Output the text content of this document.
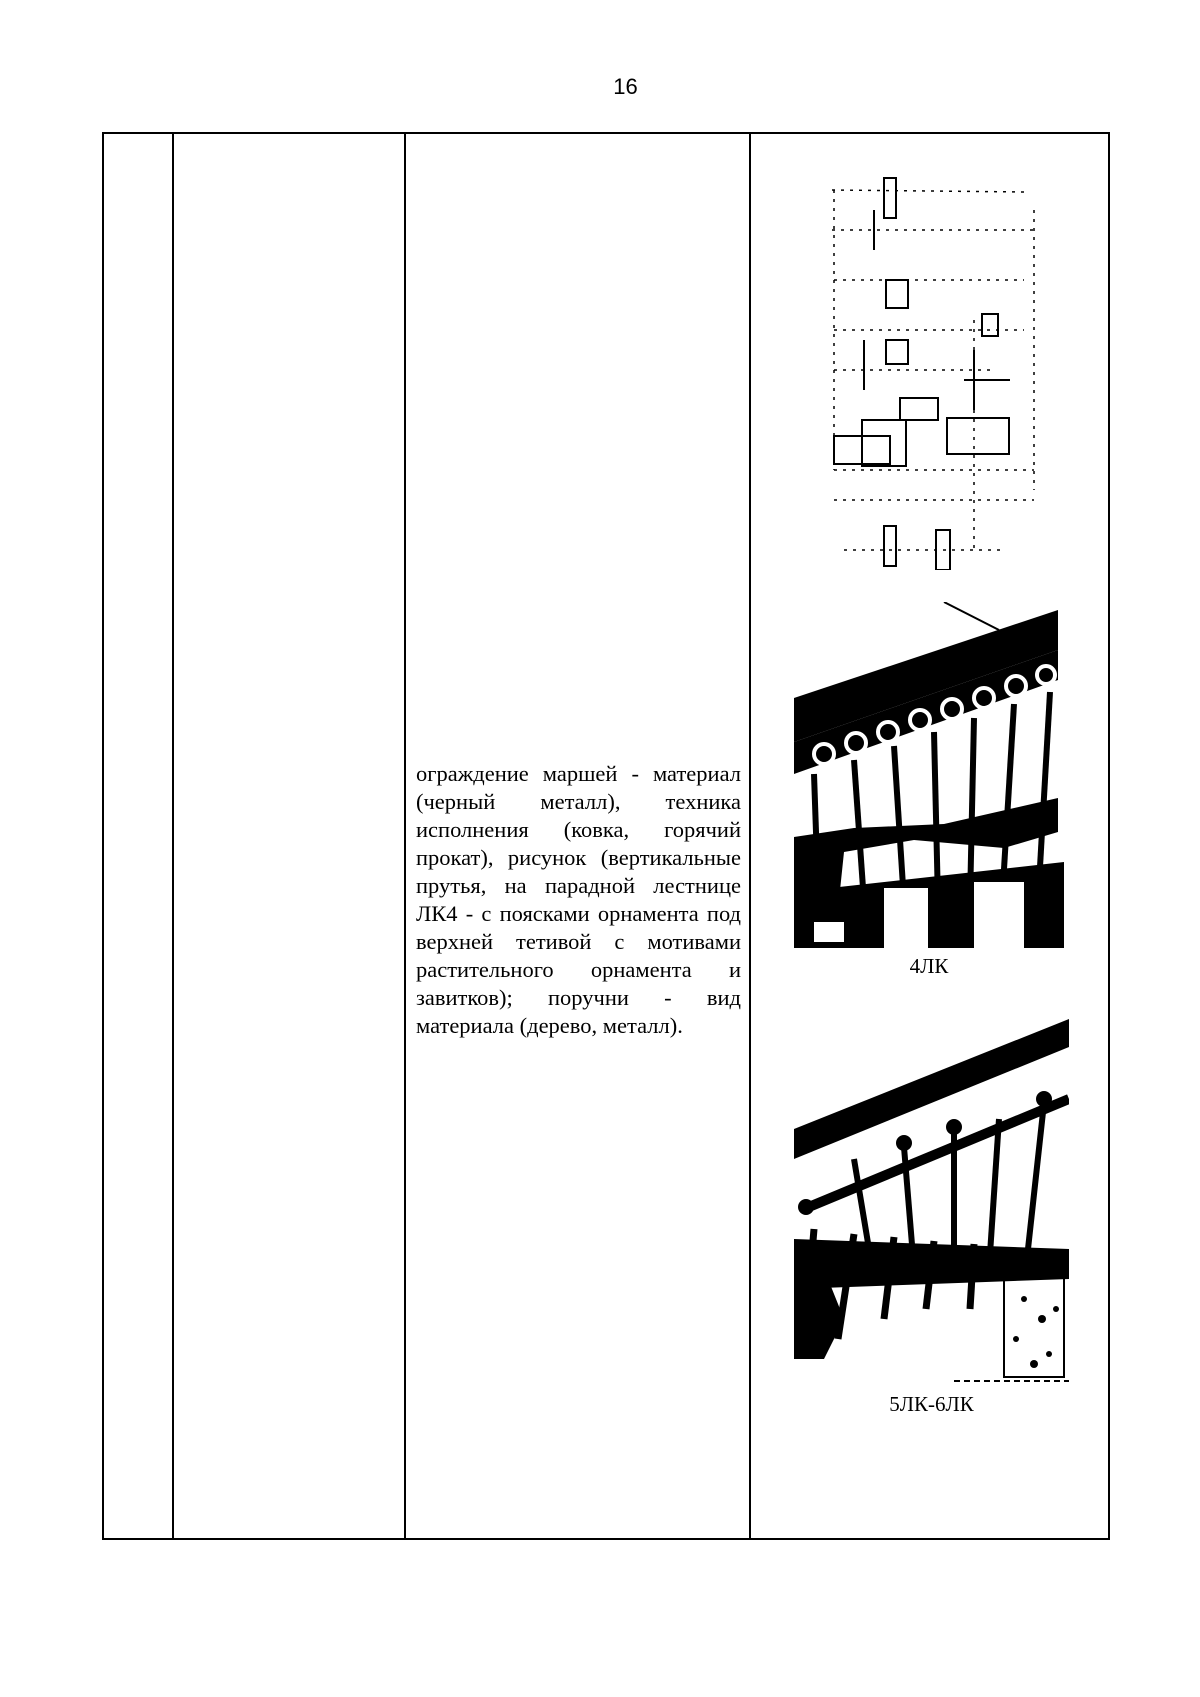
16

ограждение маршей - материал (черный металл), техника исполнения (ковка, горячий прокат), рисунок (вертикальные прутья, на парадной лестнице ЛК4 - с поясками орнамента под верхней тетивой с мотивами растительного орнамента и завитков); поручни - вид материала (дерево, металл).

4ЛК
5ЛК-6ЛК
